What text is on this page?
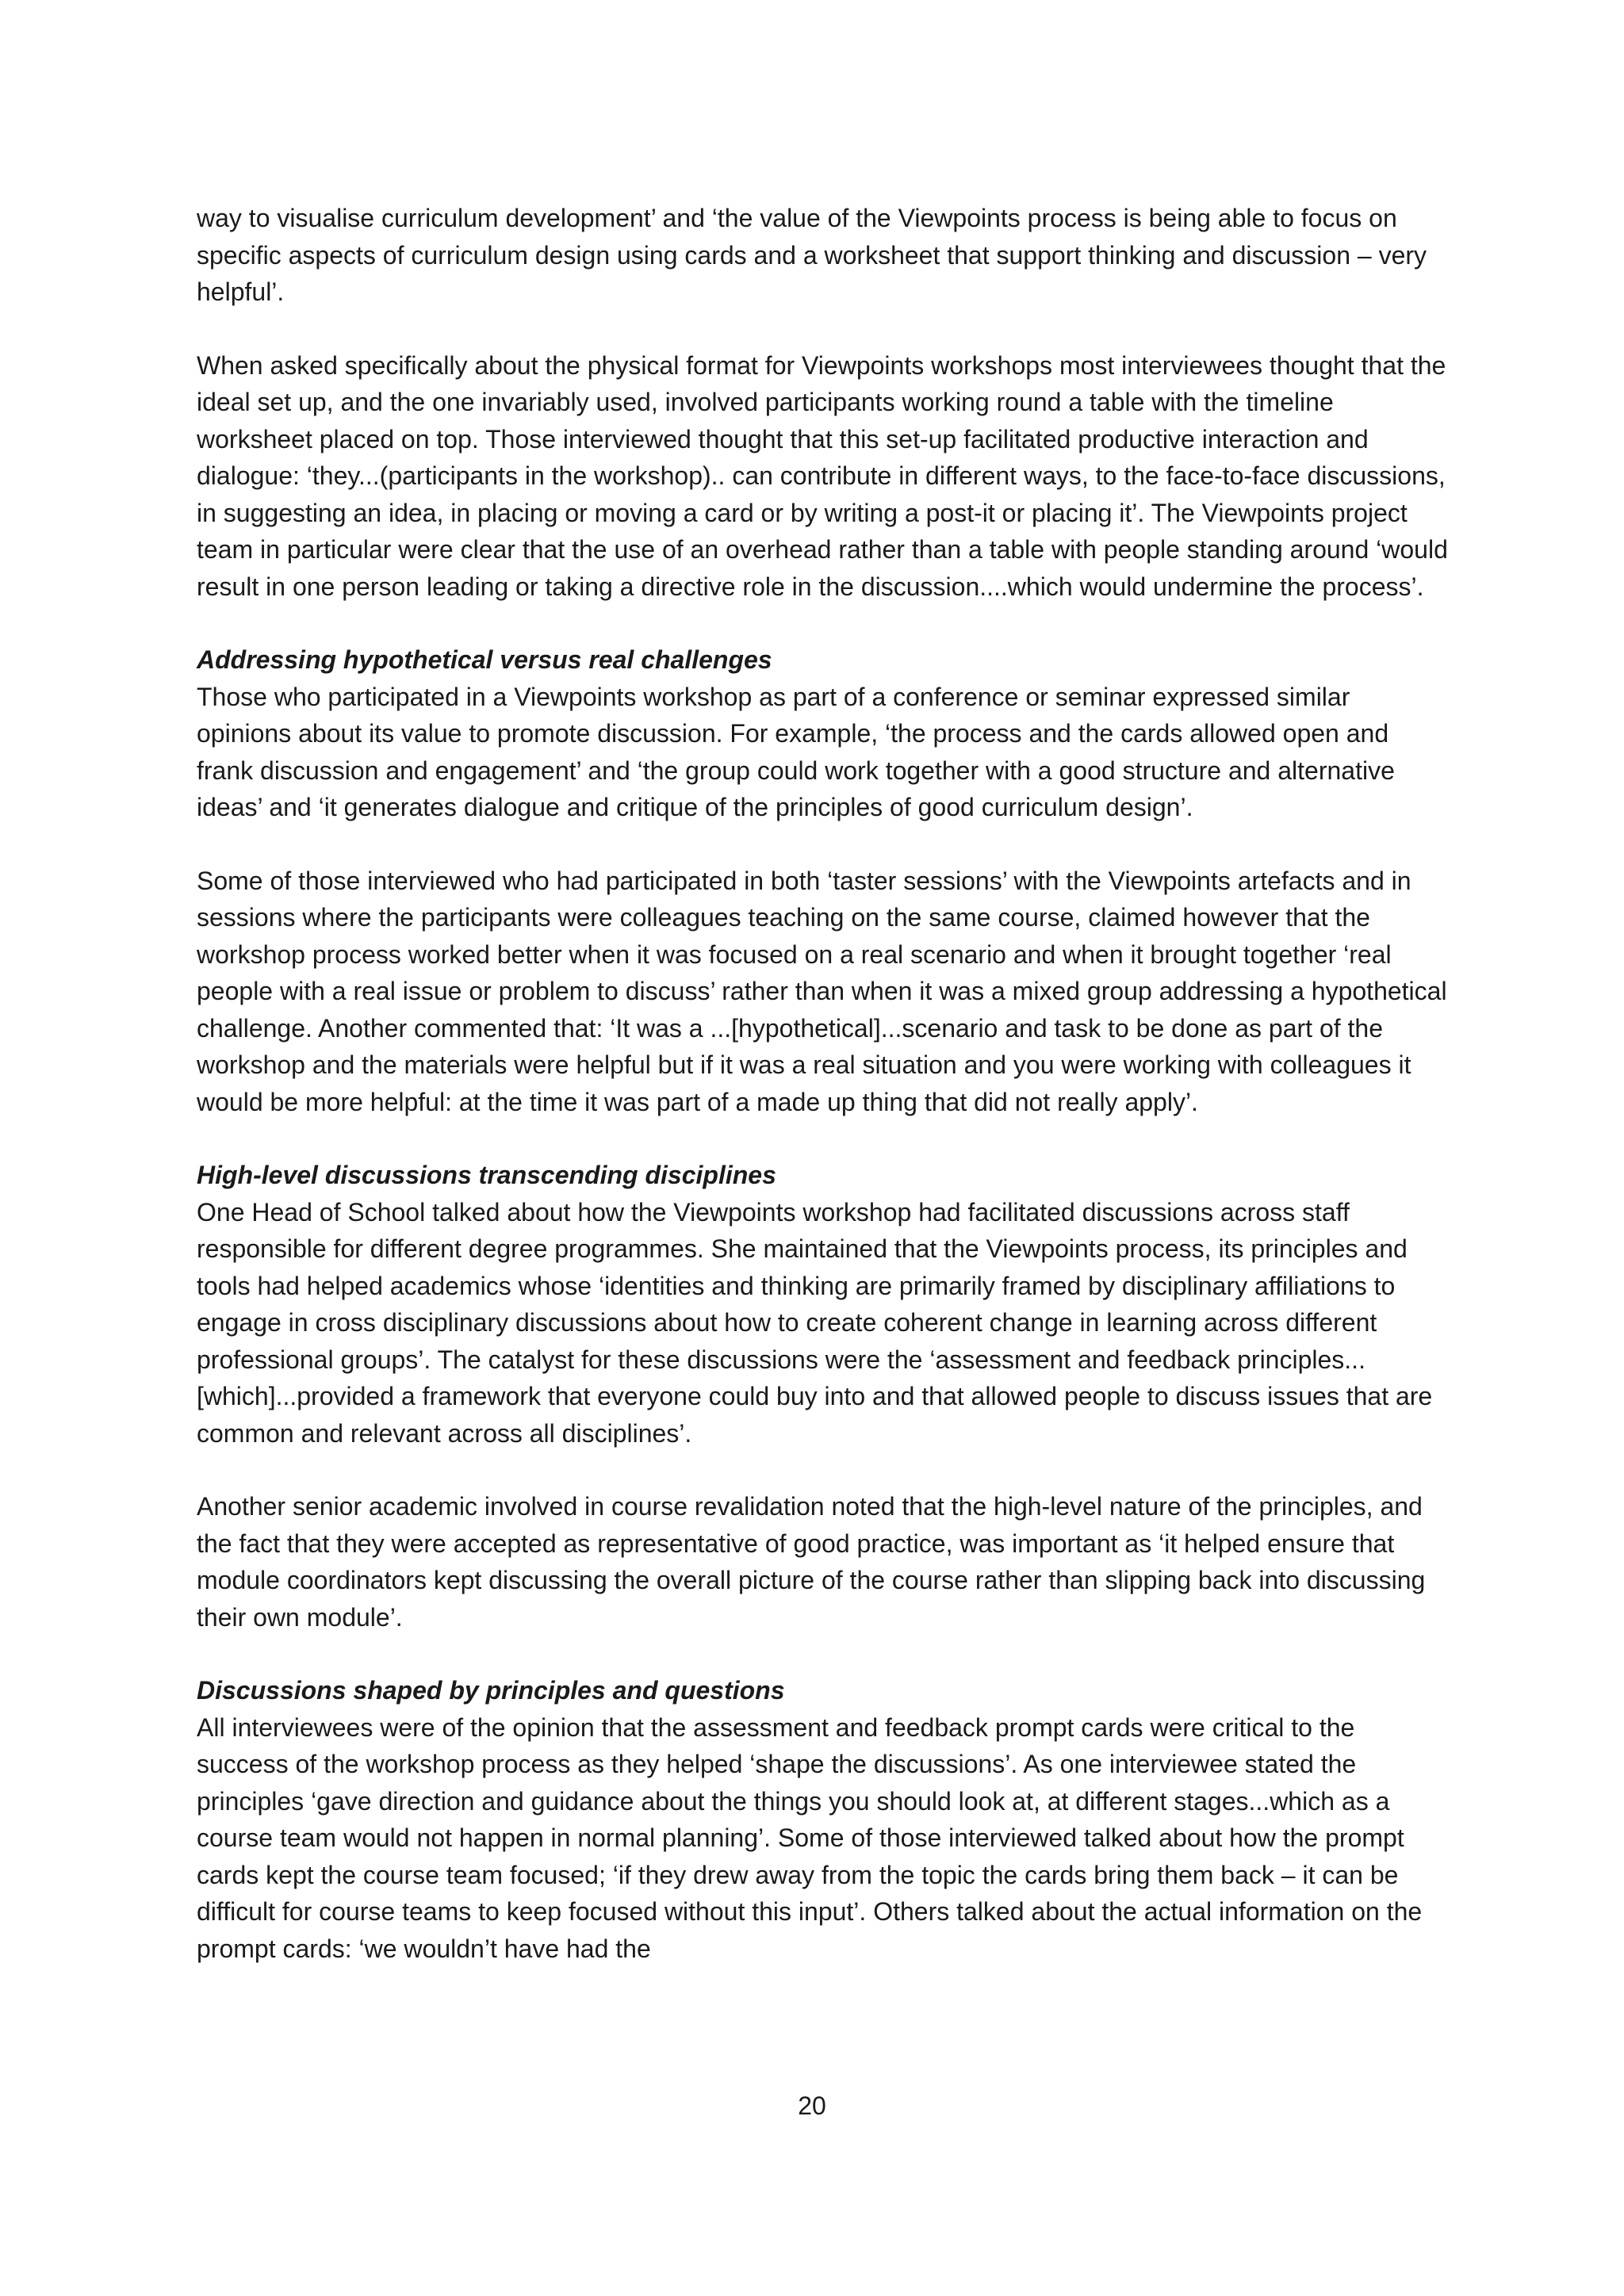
way to visualise curriculum development’ and ‘the value of the Viewpoints process is being able to focus on specific aspects of curriculum design using cards and a worksheet that support thinking and discussion – very helpful’.

When asked specifically about the physical format for Viewpoints workshops most interviewees thought that the ideal set up, and the one invariably used, involved participants working round a table with the timeline worksheet placed on top. Those interviewed thought that this set-up facilitated productive interaction and dialogue: ‘they...(participants in the workshop).. can contribute in different ways, to the face-to-face discussions, in suggesting an idea, in placing or moving a card or by writing a post-it or placing it’. The Viewpoints project team in particular were clear that the use of an overhead rather than a table with people standing around ‘would result in one person leading or taking a directive role in the discussion....which would undermine the process’.

Addressing hypothetical versus real challenges

Those who participated in a Viewpoints workshop as part of a conference or seminar expressed similar opinions about its value to promote discussion. For example, ‘the process and the cards allowed open and frank discussion and engagement’ and ‘the group could work together with a good structure and alternative ideas’ and ‘it generates dialogue and critique of the principles of good curriculum design’.

Some of those interviewed who had participated in both ‘taster sessions’ with the Viewpoints artefacts and in sessions where the participants were colleagues teaching on the same course, claimed however that the workshop process worked better when it was focused on a real scenario and when it brought together ‘real people with a real issue or problem to discuss’ rather than when it was a mixed group addressing a hypothetical challenge. Another commented that: ‘It was a ...[hypothetical]...scenario and task to be done as part of the workshop and the materials were helpful but if it was a real situation and you were working with colleagues it would be more helpful: at the time it was part of a made up thing that did not really apply’.

High-level discussions transcending disciplines

One Head of School talked about how the Viewpoints workshop had facilitated discussions across staff responsible for different degree programmes. She maintained that the Viewpoints process, its principles and tools had helped academics whose ‘identities and thinking are primarily framed by disciplinary affiliations to engage in cross disciplinary discussions about how to create coherent change in learning across different professional groups’. The catalyst for these discussions were the ‘assessment and feedback principles...[which]...provided a framework that everyone could buy into and that allowed people to discuss issues that are common and relevant across all disciplines’.

Another senior academic involved in course revalidation noted that the high-level nature of the principles, and the fact that they were accepted as representative of good practice, was important as ‘it helped ensure that module coordinators kept discussing the overall picture of the course rather than slipping back into discussing their own module’.

Discussions shaped by principles and questions

All interviewees were of the opinion that the assessment and feedback prompt cards were critical to the success of the workshop process as they helped ‘shape the discussions’. As one interviewee stated the principles ‘gave direction and guidance about the things you should look at, at different stages...which as a course team would not happen in normal planning’. Some of those interviewed talked about how the prompt cards kept the course team focused; ‘if they drew away from the topic the cards bring them back – it can be difficult for course teams to keep focused without this input’. Others talked about the actual information on the prompt cards: ‘we wouldn’t have had the

20
